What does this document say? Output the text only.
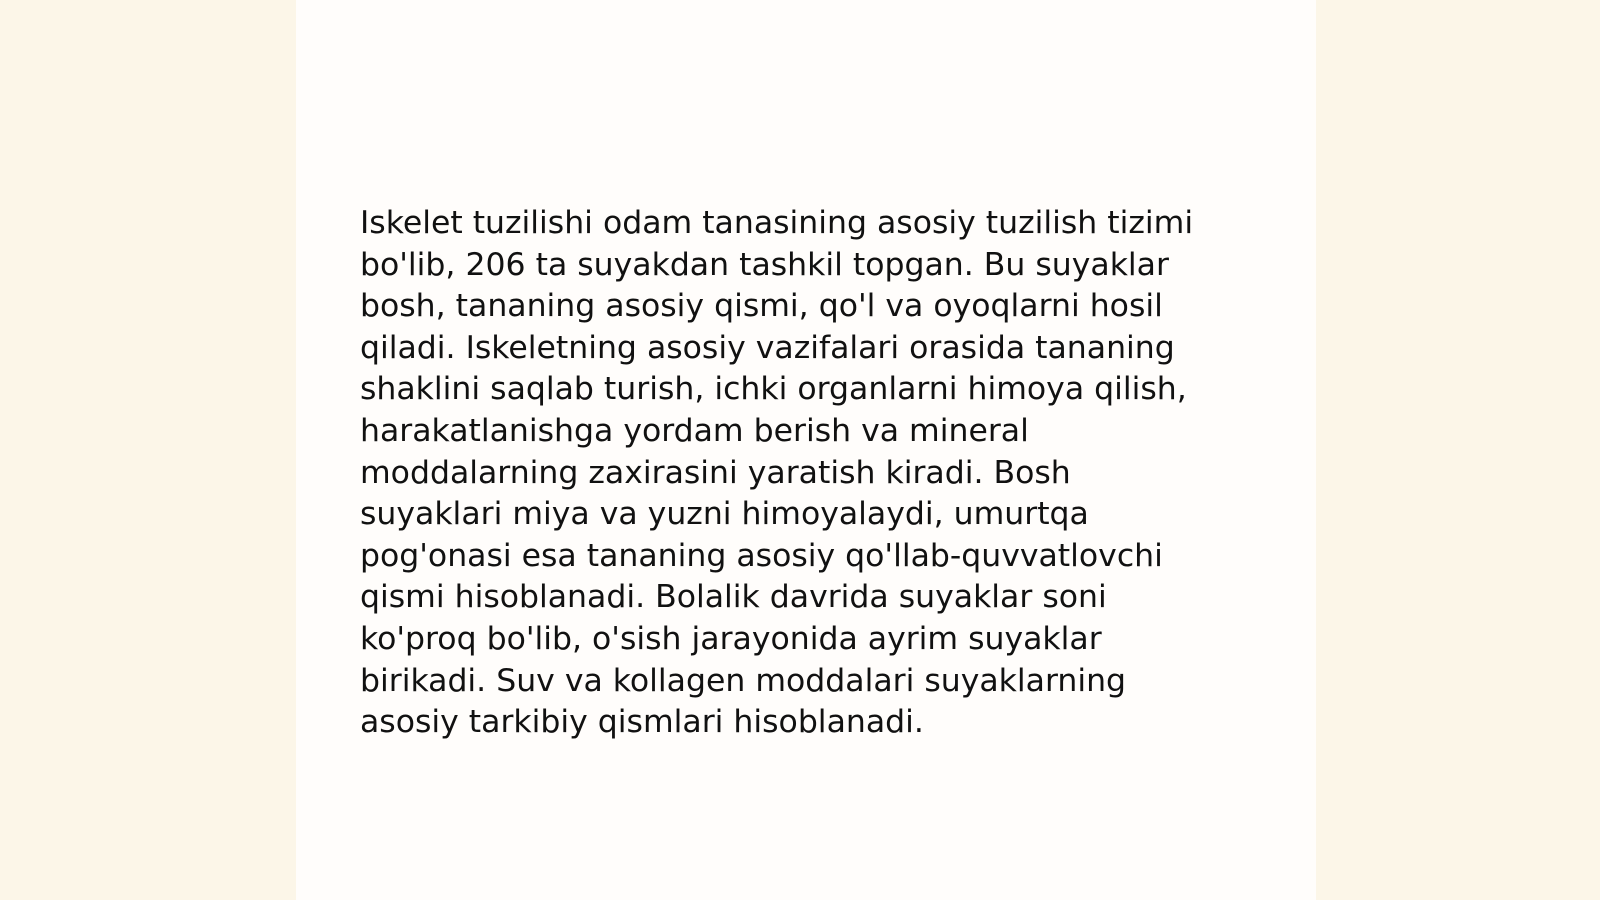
Iskelet tuzilishi odam tanasining asosiy tuzilish tizimi
bo'lib, 206 ta suyakdan tashkil topgan. Bu suyaklar
bosh, tananing asosiy qismi, qo'l va oyoqlarni hosil
qiladi. Iskeletning asosiy vazifalari orasida tananing
shaklini saqlab turish, ichki organlarni himoya qilish,
harakatlanishga yordam berish va mineral
moddalarning zaxirasini yaratish kiradi. Bosh
suyaklari miya va yuzni himoyalaydi, umurtqa
pog'onasi esa tananing asosiy qo'llab-quvvatlovchi
qismi hisoblanadi. Bolalik davrida suyaklar soni
ko'proq bo'lib, o'sish jarayonida ayrim suyaklar
birikadi. Suv va kollagen moddalari suyaklarning
asosiy tarkibiy qismlari hisoblanadi.
